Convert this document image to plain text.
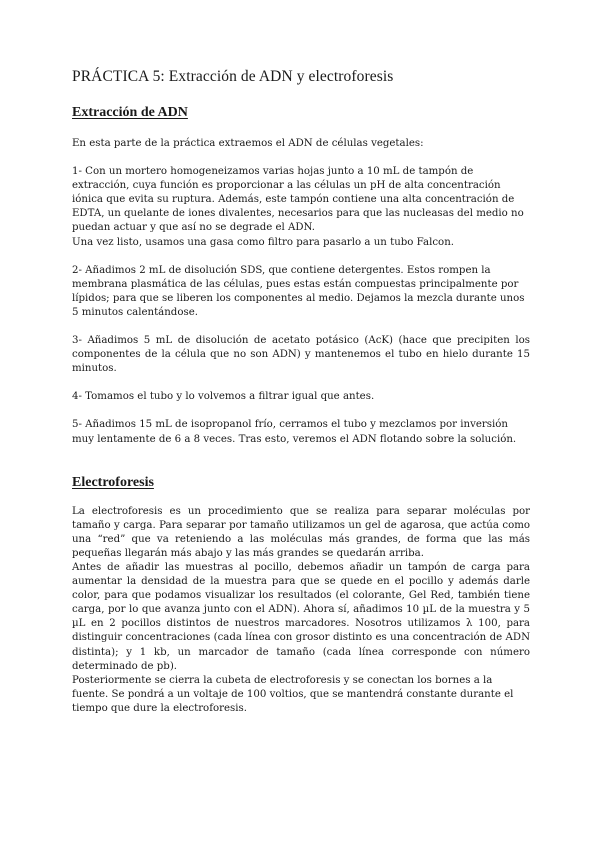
PRÁCTICA 5: Extracción de ADN y electroforesis
Extracción de ADN

En esta parte de la práctica extraemos el ADN de células vegetales:

1- Con un mortero homogeneizamos varias hojas junto a 10 mL de tampón de extracción, cuya función es proporcionar a las células un pH de alta concentración iónica que evita su ruptura. Además, este tampón contiene una alta concentración de EDTA, un quelante de iones divalentes, necesarios para que las nucleasas del medio no puedan actuar y que así no se degrade el ADN.

Una vez listo, usamos una gasa como filtro para pasarlo a un tubo Falcon.

2- Añadimos 2 mL de disolución SDS, que contiene detergentes. Estos rompen la membrana plasmática de las células, pues estas están compuestas principalmente por lípidos; para que se liberen los componentes al medio. Dejamos la mezcla durante unos 5 minutos calentándose.

3- Añadimos 5 mL de disolución de acetato potásico (AcK) (hace que precipiten los componentes de la célula que no son ADN) y mantenemos el tubo en hielo durante 15 minutos.

4- Tomamos el tubo y lo volvemos a filtrar igual que antes.

5- Añadimos 15 mL de isopropanol frío, cerramos el tubo y mezclamos por inversión muy lentamente de 6 a 8 veces. Tras esto, veremos el ADN flotando sobre la solución.

Electroforesis

La electroforesis es un procedimiento que se realiza para separar moléculas por tamaño y carga. Para separar por tamaño utilizamos un gel de agarosa, que actúa como una “red” que va reteniendo a las moléculas más grandes, de forma que las más pequeñas llegarán más abajo y las más grandes se quedarán arriba.

Antes de añadir las muestras al pocillo, debemos añadir un tampón de carga para aumentar la densidad de la muestra para que se quede en el pocillo y además darle color, para que podamos visualizar los resultados (el colorante, Gel Red, también tiene carga, por lo que avanza junto con el ADN). Ahora sí, añadimos 10 µL de la muestra y 5 µL en 2 pocillos distintos de nuestros marcadores. Nosotros utilizamos λ 100, para distinguir concentraciones (cada línea con grosor distinto es una concentración de ADN distinta); y 1 kb, un marcador de tamaño (cada línea corresponde con número determinado de pb).

Posteriormente se cierra la cubeta de electroforesis y se conectan los bornes a la fuente. Se pondrá a un voltaje de 100 voltios, que se mantendrá constante durante el tiempo que dure la electroforesis.
